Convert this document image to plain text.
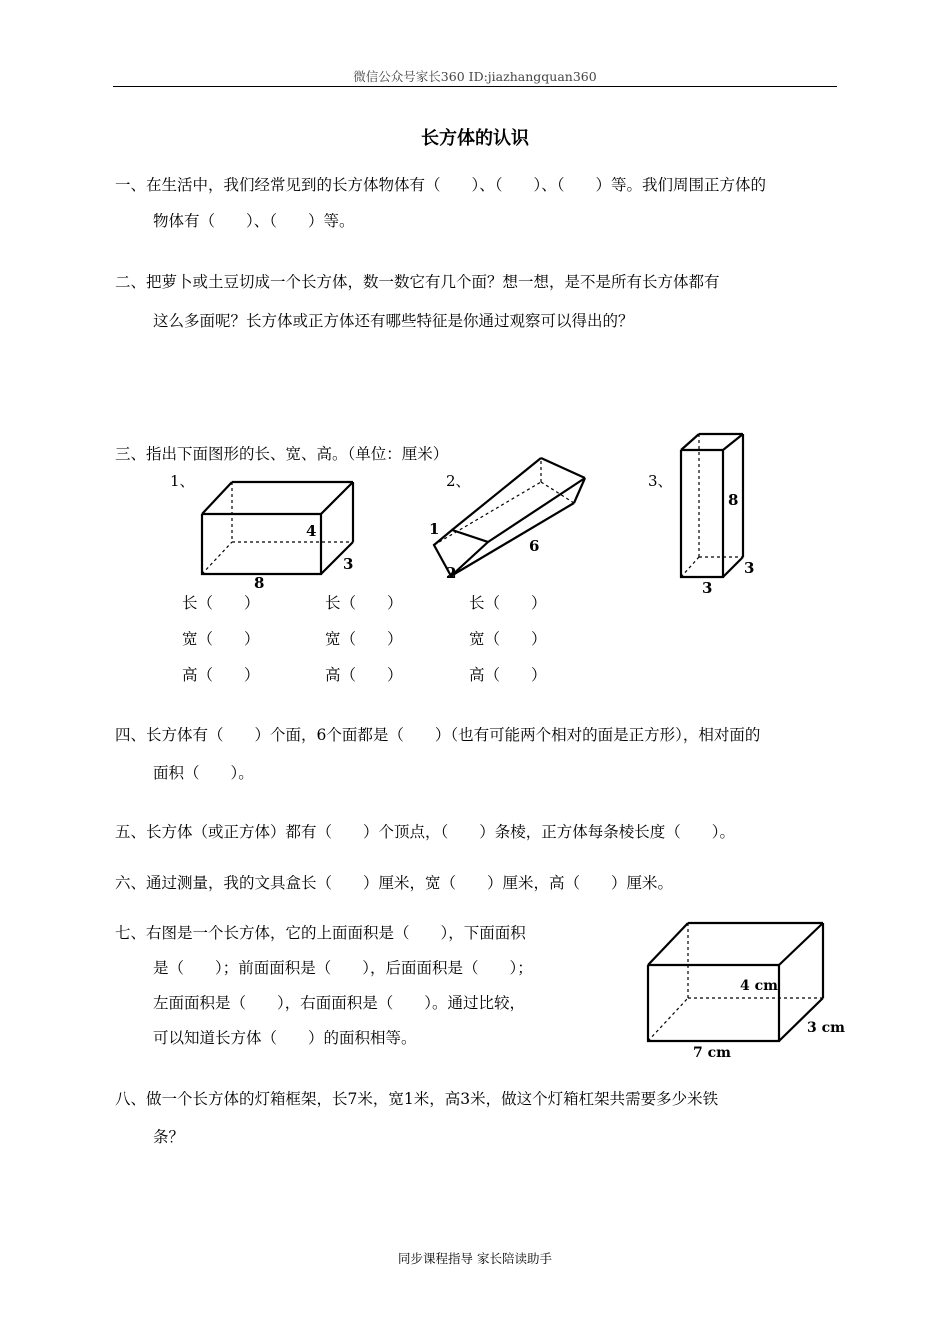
微信公众号家长360 ID:jiazhangquan360
长方体的认识
一、在生活中，我们经常见到的长方体物体有（　　）、（　　）、（　　）等。我们周围正方体的
物体有（　　）、（　　）等。
二、把萝卜或土豆切成一个长方体，数一数它有几个面？想一想，是不是所有长方体都有
这么多面呢？长方体或正方体还有哪些特征是你通过观察可以得出的？
三、指出下面图形的长、宽、高。（单位：厘米）
1、	2、	3、
4
3
8
1
2
6
8
3
3
长（　　）
宽（　　）
高（　　）
长（　　）
宽（　　）
高（　　）
长（　　）
宽（　　）
高（　　）
四、长方体有（　　）个面，6个面都是（　　）（也有可能两个相对的面是正方形），相对面的
面积（　　）。
五、长方体（或正方体）都有（　　）个顶点，（　　）条棱，正方体每条棱长度（　　）。
六、通过测量，我的文具盒长（　　）厘米，宽（　　）厘米，高（　　）厘米。
七、右图是一个长方体，它的上面面积是（　　），下面面积
是（　　）；前面面积是（　　），后面面积是（　　）；
左面面积是（　　），右面面积是（　　）。通过比较，
可以知道长方体（　　）的面积相等。
4 cm
3 cm
7 cm
八、做一个长方体的灯箱框架，长7米，宽1米，高3米，做这个灯箱杠架共需要多少米铁
条？
同步课程指导 家长陪读助手
